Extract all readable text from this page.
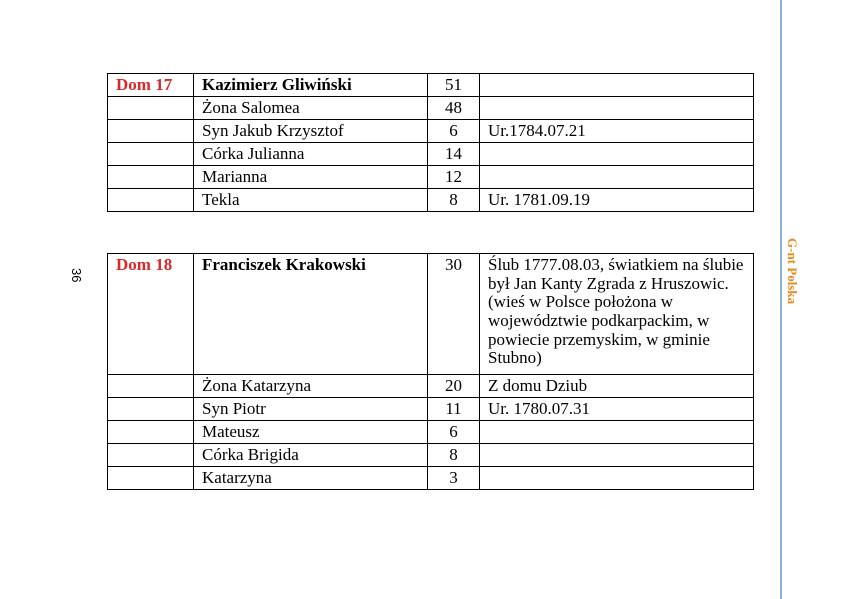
36	G-nt Polska
Dom 17	Kazimierz Gliwiński	51	
	Żona Salomea	48	
	Syn Jakub Krzysztof	6	Ur.1784.07.21
	Córka Julianna	14	
	Marianna	12	
	Tekla	8	Ur. 1781.09.19
Dom 18	Franciszek Krakowski	30	Ślub 1777.08.03, światkiem na ślubie był Jan Kanty Zgrada z Hruszowic. (wieś w Polsce położona w województwie podkarpackim, w powiecie przemyskim, w gminie Stubno)
	Żona Katarzyna	20	Z domu Dziub
	Syn Piotr	11	Ur. 1780.07.31
	Mateusz	6	
	Córka Brigida	8	
	Katarzyna	3	
